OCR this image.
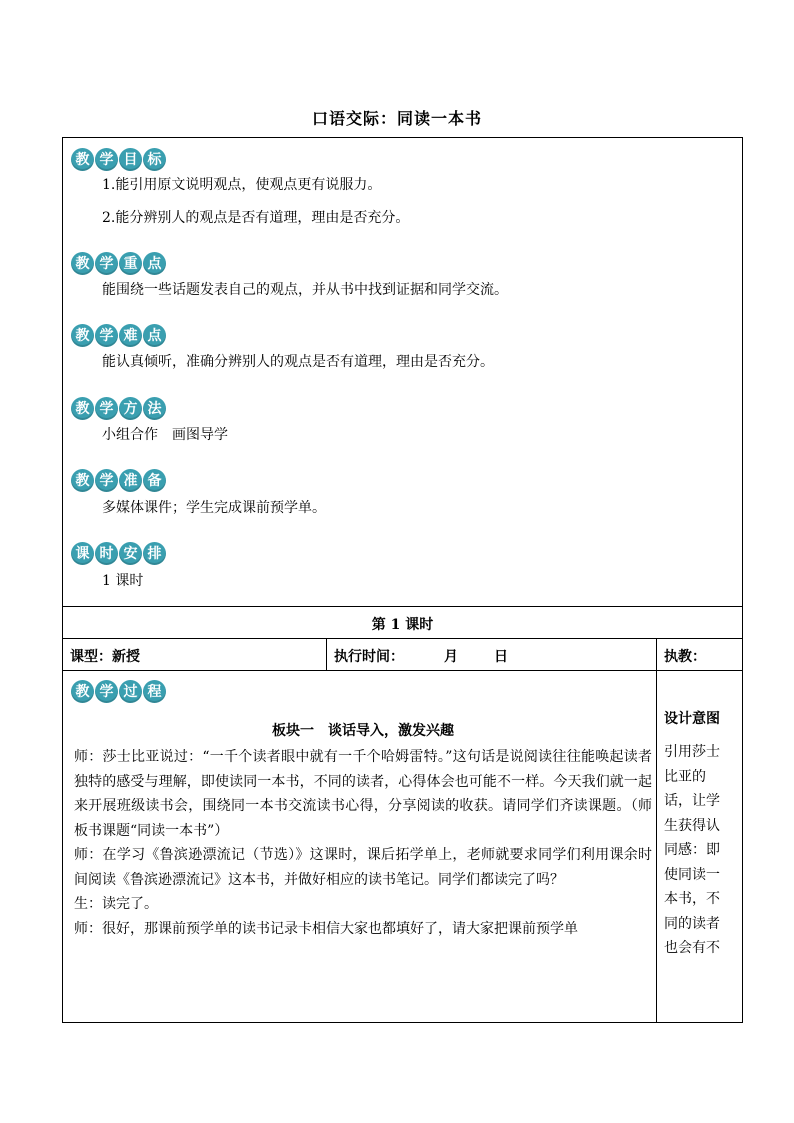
口语交际：同读一本书
教 学 目 标
1.能引用原文说明观点，使观点更有说服力。
2.能分辨别人的观点是否有道理，理由是否充分。
教 学 重 点
能围绕一些话题发表自己的观点，并从书中找到证据和同学交流。
教 学 难 点
能认真倾听，准确分辨别人的观点是否有道理，理由是否充分。
教 学 方 法
小组合作　画图导学
教 学 准 备
多媒体课件；学生完成课前预学单。
课 时 安 排
1 课时
第 1 课时
课型：新授	执行时间：	月	日	执教：
教 学 过 程
板块一　谈话导入，激发兴趣

师：莎士比亚说过：“一千个读者眼中就有一千个哈姆雷特。”这句话是说阅读往往能唤起读者独特的感受与理解，即使读同一本书，不同的读者，心得体会也可能不一样。今天我们就一起来开展班级读书会，围绕同一本书交流读书心得，分享阅读的收获。请同学们齐读课题。（师板书课题“同读一本书”）

师：在学习《鲁滨逊漂流记（节选）》这课时，课后拓学单上，老师就要求同学们利用课余时间阅读《鲁滨逊漂流记》这本书，并做好相应的读书笔记。同学们都读完了吗？

生：读完了。

师：很好，那课前预学单的读书记录卡相信大家也都填好了，请大家把课前预学单

设计意图
引用莎士
比亚的
话，让学
生获得认
同感：即
使同读一
本书，不
同的读者
也会有不
